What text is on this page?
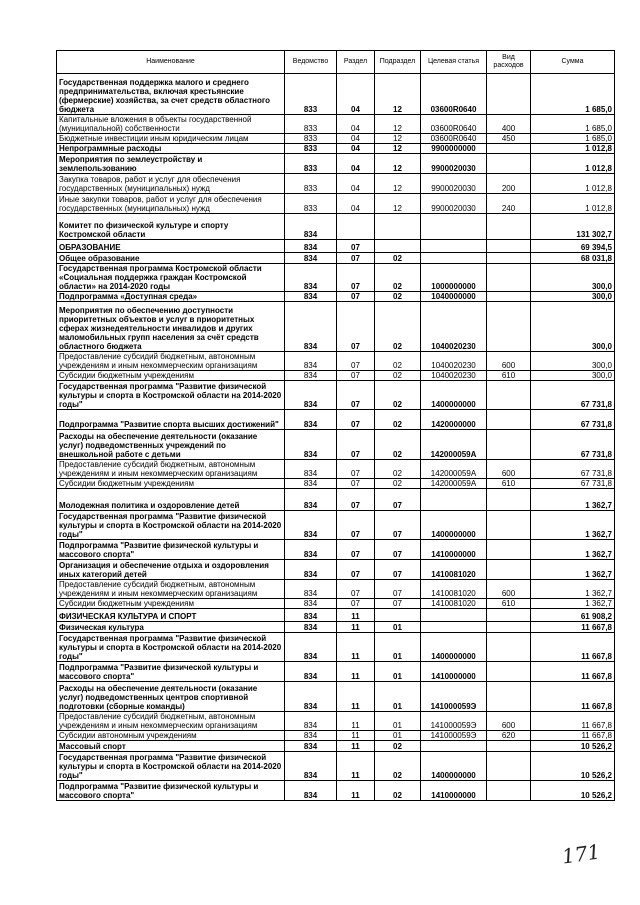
Наименование	Ведомство	Раздел	Подраздел	Целевая статья	Вид расходов	Сумма
Государственная поддержка малого и среднего предпринимательства, включая крестьянские (фермерские) хозяйства, за счет средств областного бюджета	833	04	12	03600R0640		1 685,0
Капитальные вложения в объекты государственной (муниципальной) собственности	833	04	12	03600R0640	400	1 685,0
Бюджетные инвестиции иным юридическим лицам	833	04	12	03600R0640	450	1 685,0
Непрограммные расходы	833	04	12	9900000000		1 012,8
Мероприятия по землеустройству и землепользованию	833	04	12	9900020030		1 012,8
Закупка товаров, работ и услуг для обеспечения государственных (муниципальных) нужд	833	04	12	9900020030	200	1 012,8
Иные закупки товаров, работ и услуг для обеспечения государственных (муниципальных) нужд	833	04	12	9900020030	240	1 012,8
Комитет по физической культуре и спорту Костромской области	834					131 302,7
ОБРАЗОВАНИЕ	834	07				69 394,5
Общее образование	834	07	02			68 031,8
Государственная программа Костромской области «Социальная поддержка граждан Костромской области» на 2014-2020 годы	834	07	02	1000000000		300,0
Подпрограмма «Доступная среда»	834	07	02	1040000000		300,0
Мероприятия по обеспечению доступности приоритетных объектов и услуг в приоритетных сферах жизнедеятельности инвалидов и других маломобильных групп населения за счёт средств областного бюджета	834	07	02	1040020230		300,0
Предоставление субсидий бюджетным, автономным учреждениям и иным некоммерческим организациям	834	07	02	1040020230	600	300,0
Субсидии бюджетным учреждениям	834	07	02	1040020230	610	300,0
Государственная программа "Развитие физической культуры и спорта в Костромской области на 2014-2020 годы"	834	07	02	1400000000		67 731,8
Подпрограмма "Развитие спорта высших достижений"	834	07	02	1420000000		67 731,8
Расходы на обеспечение деятельности (оказание услуг) подведомственных учреждений по внешкольной работе с детьми	834	07	02	142000059А		67 731,8
Предоставление субсидий бюджетным, автономным учреждениям и иным некоммерческим организациям	834	07	02	142000059А	600	67 731,8
Субсидии бюджетным учреждениям	834	07	02	142000059А	610	67 731,8
Молодежная политика и оздоровление детей	834	07	07			1 362,7
Государственная программа "Развитие физической культуры и спорта в Костромской области на 2014-2020 годы"	834	07	07	1400000000		1 362,7
Подпрограмма "Развитие физической культуры и массового спорта"	834	07	07	1410000000		1 362,7
Организация и обеспечение отдыха и оздоровления иных категорий детей	834	07	07	1410081020		1 362,7
Предоставление субсидий бюджетным, автономным учреждениям и иным некоммерческим организациям	834	07	07	1410081020	600	1 362,7
Субсидии бюджетным учреждениям	834	07	07	1410081020	610	1 362,7
ФИЗИЧЕСКАЯ КУЛЬТУРА И СПОРТ	834	11				61 908,2
Физическая культура	834	11	01			11 667,8
Государственная программа "Развитие физической культуры и спорта в Костромской области на 2014-2020 годы"	834	11	01	1400000000		11 667,8
Подпрограмма "Развитие физической культуры и массового спорта"	834	11	01	1410000000		11 667,8
Расходы на обеспечение деятельности (оказание услуг) подведомственных центров спортивной подготовки (сборные команды)	834	11	01	141000059Э		11 667,8
Предоставление субсидий бюджетным, автономным учреждениям и иным некоммерческим организациям	834	11	01	141000059Э	600	11 667,8
Субсидии автономным учреждениям	834	11	01	141000059Э	620	11 667,8
Массовый спорт	834	11	02			10 526,2
Государственная программа "Развитие физической культуры и спорта в Костромской области на 2014-2020 годы"	834	11	02	1400000000		10 526,2
Подпрограмма "Развитие физической культуры и массового спорта"	834	11	02	1410000000		10 526,2
171
